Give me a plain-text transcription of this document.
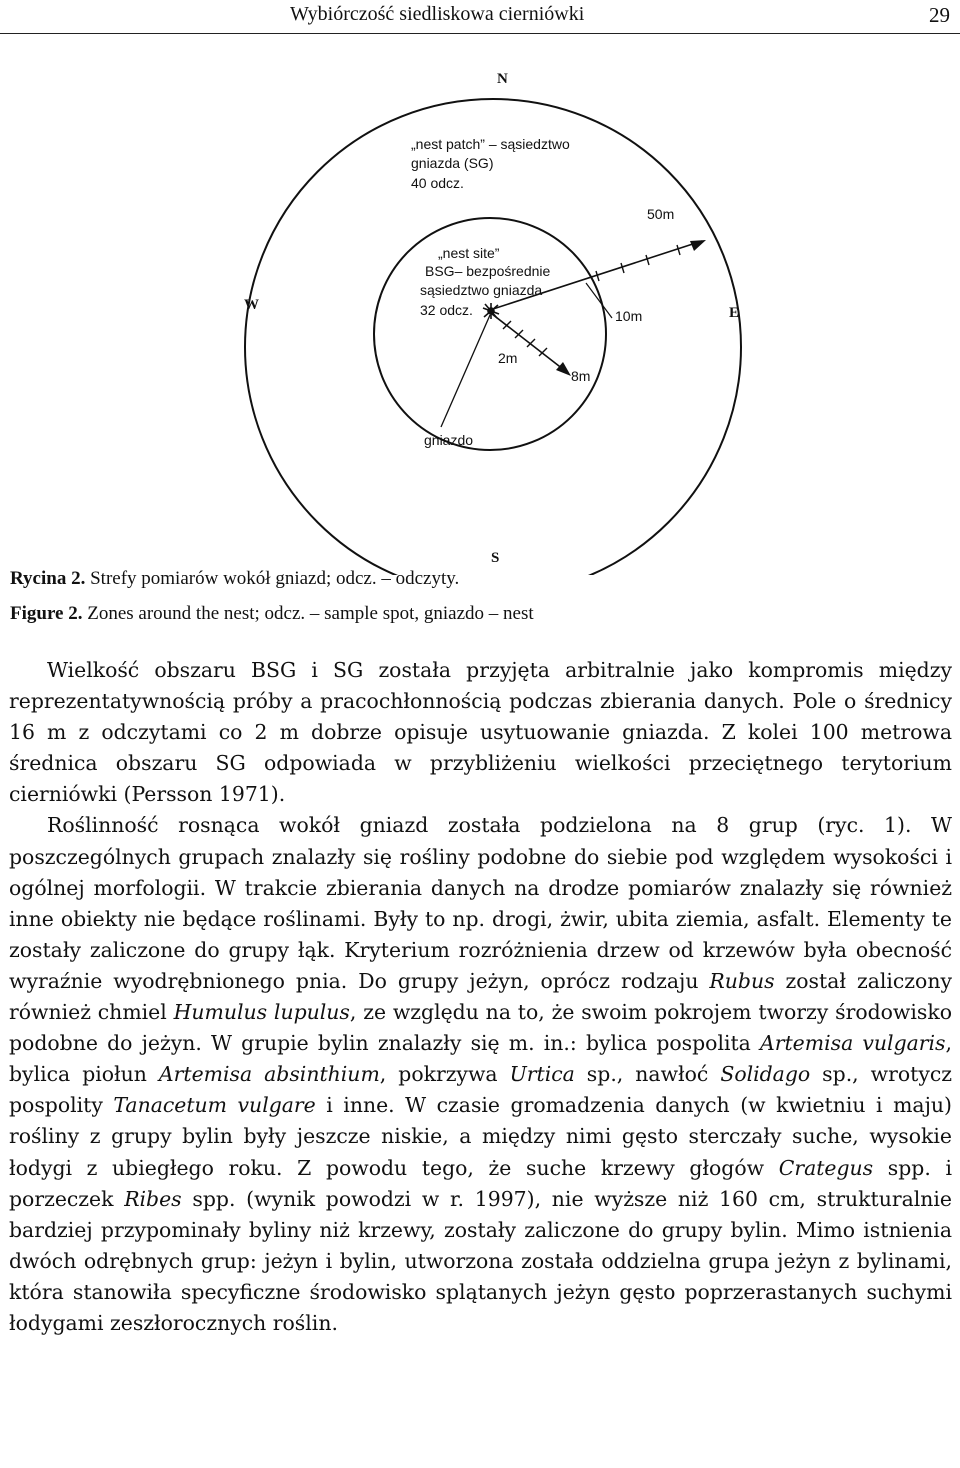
Wybiórczość siedliskowa cierniówki	29
N
S
W	E
„nest patch” – sąsiedztwo
gniazda (SG)
40 odcz.
„nest site”
BSG– bezpośrednie
sąsiedztwo gniazda
32 odcz.
50m
10m
2m
8m
gniazdo
Rycina 2. Strefy pomiarów wokół gniazd; odcz. – odczyty.
Figure 2. Zones around the nest; odcz. – sample spot, gniazdo – nest

Wielkość obszaru BSG i SG została przyjęta arbitralnie jako kompromis między reprezentatywnością próby a pracochłonnością podczas zbierania danych. Pole o średnicy 16 m z odczytami co 2 m dobrze opisuje usytuowanie gniazda. Z kolei 100 metrowa średnica obszaru SG odpowiada w przybliżeniu wielkości przeciętnego terytorium cierniówki (Persson 1971).

Roślinność rosnąca wokół gniazd została podzielona na 8 grup (ryc. 1). W poszczególnych grupach znalazły się rośliny podobne do siebie pod względem wysokości i ogólnej morfologii. W trakcie zbierania danych na drodze pomiarów znalazły się również inne obiekty nie będące roślinami. Były to np. drogi, żwir, ubita ziemia, asfalt. Elementy te zostały zaliczone do grupy łąk. Kryterium rozróżnienia drzew od krzewów była obecność wyraźnie wyodrębnionego pnia. Do grupy jeżyn, oprócz rodzaju Rubus został zaliczony również chmiel Humulus lupulus, ze względu na to, że swoim pokrojem tworzy środowisko podobne do jeżyn. W grupie bylin znalazły się m. in.: bylica pospolita Artemisa vulgaris, bylica piołun Artemisa absinthium, pokrzywa Urtica sp., nawłoć Solidago sp., wrotycz pospolity Tanacetum vulgare i inne. W czasie gromadzenia danych (w kwietniu i maju) rośliny z grupy bylin były jeszcze niskie, a między nimi gęsto sterczały suche, wysokie łodygi z ubiegłego roku. Z powodu tego, że suche krzewy głogów Crategus spp. i porzeczek Ribes spp. (wynik powodzi w r. 1997), nie wyższe niż 160 cm, strukturalnie bardziej przypominały byliny niż krzewy, zostały zaliczone do grupy bylin. Mimo istnienia dwóch odrębnych grup: jeżyn i bylin, utworzona została oddzielna grupa jeżyn z bylinami, która stanowiła specyficzne środowisko splątanych jeżyn gęsto poprzerastanych suchymi łodygami zeszłorocznych roślin.
